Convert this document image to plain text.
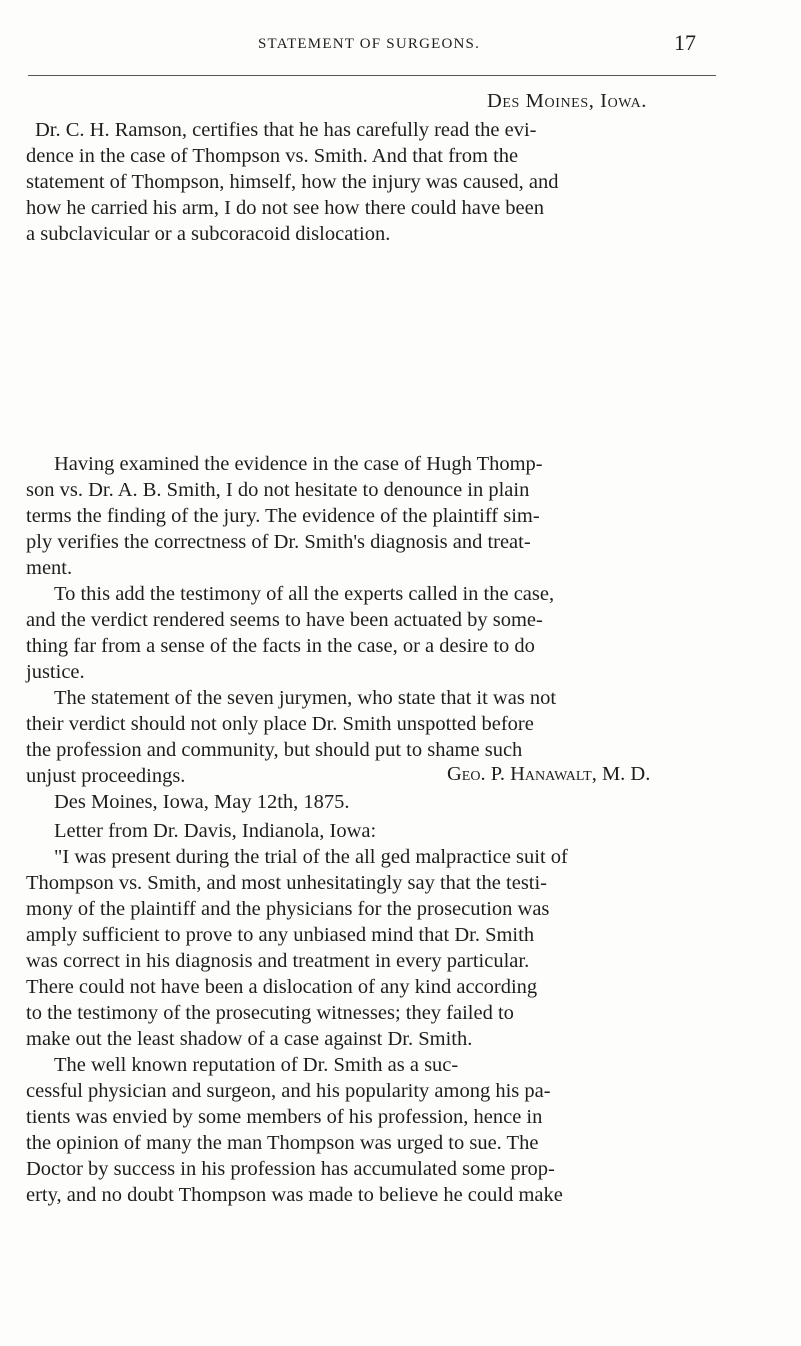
STATEMENT OF SURGEONS.	17
Des Moines, Iowa.
Dr. C. H. Ramson, certifies that he has carefully read the evi-
dence in the case of Thompson vs. Smith. And that from the
statement of Thompson, himself, how the injury was caused, and
how he carried his arm, I do not see how there could have been
a subclavicular or a subcoracoid dislocation.
Having examined the evidence in the case of Hugh Thomp-
son vs. Dr. A. B. Smith, I do not hesitate to denounce in plain
terms the finding of the jury. The evidence of the plaintiff sim-
ply verifies the correctness of Dr. Smith's diagnosis and treat-
ment.
To this add the testimony of all the experts called in the case,
and the verdict rendered seems to have been actuated by some-
thing far from a sense of the facts in the case, or a desire to do
justice.
The statement of the seven jurymen, who state that it was not
their verdict should not only place Dr. Smith unspotted before
the profession and community, but should put to shame such
unjust proceedings.
Des Moines, Iowa, May 12th, 1875.
Geo. P. Hanawalt, M. D.
Letter from Dr. Davis, Indianola, Iowa:
"I was present during the trial of the all ged malpractice suit of
Thompson vs. Smith, and most unhesitatingly say that the testi-
mony of the plaintiff and the physicians for the prosecution was
amply sufficient to prove to any unbiased mind that Dr. Smith
was correct in his diagnosis and treatment in every particular.
There could not have been a dislocation of any kind according
to the testimony of the prosecuting witnesses; they failed to
make out the least shadow of a case against Dr. Smith.
The well known reputation of Dr. Smith as a suc-
cessful physician and surgeon, and his popularity among his pa-
tients was envied by some members of his profession, hence in
the opinion of many the man Thompson was urged to sue. The
Doctor by success in his profession has accumulated some prop-
erty, and no doubt Thompson was made to believe he could make
